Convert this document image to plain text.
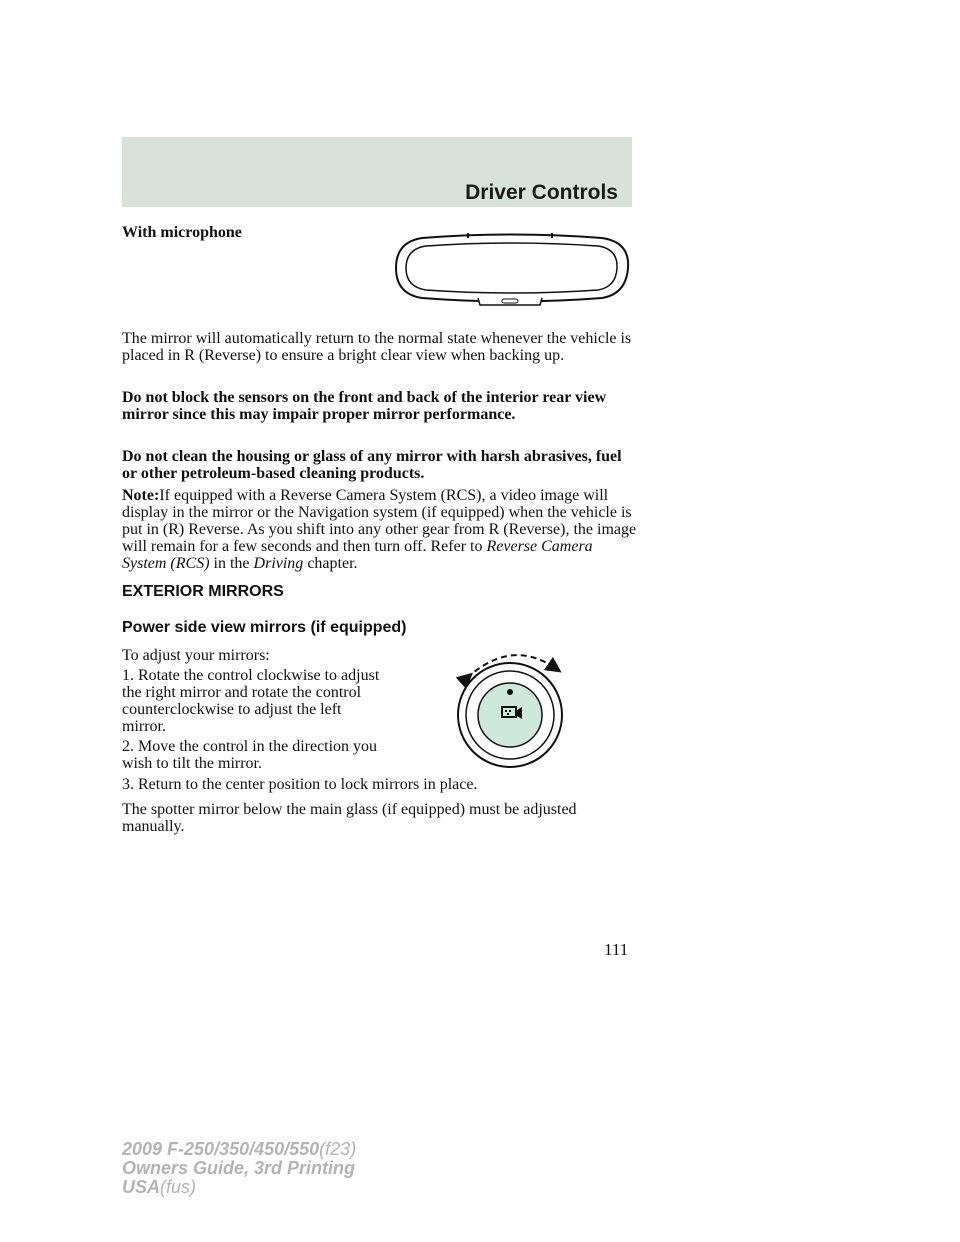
Driver Controls
With microphone

The mirror will automatically return to the normal state whenever the vehicle is placed in R (Reverse) to ensure a bright clear view when backing up.

Do not block the sensors on the front and back of the interior rear view mirror since this may impair proper mirror performance.

Do not clean the housing or glass of any mirror with harsh abrasives, fuel or other petroleum-based cleaning products.

Note:If equipped with a Reverse Camera System (RCS), a video image will display in the mirror or the Navigation system (if equipped) when the vehicle is put in (R) Reverse. As you shift into any other gear from R (Reverse), the image will remain for a few seconds and then turn off. Refer to Reverse Camera System (RCS) in the Driving chapter.

EXTERIOR MIRRORS
Power side view mirrors (if equipped)

To adjust your mirrors:

1. Rotate the control clockwise to adjust the right mirror and rotate the control counterclockwise to adjust the left mirror.

2. Move the control in the direction you wish to tilt the mirror.

3. Return to the center position to lock mirrors in place.

The spotter mirror below the main glass (if equipped) must be adjusted manually.

111
2009 F-250/350/450/550(f23)
Owners Guide, 3rd Printing
USA(fus)
